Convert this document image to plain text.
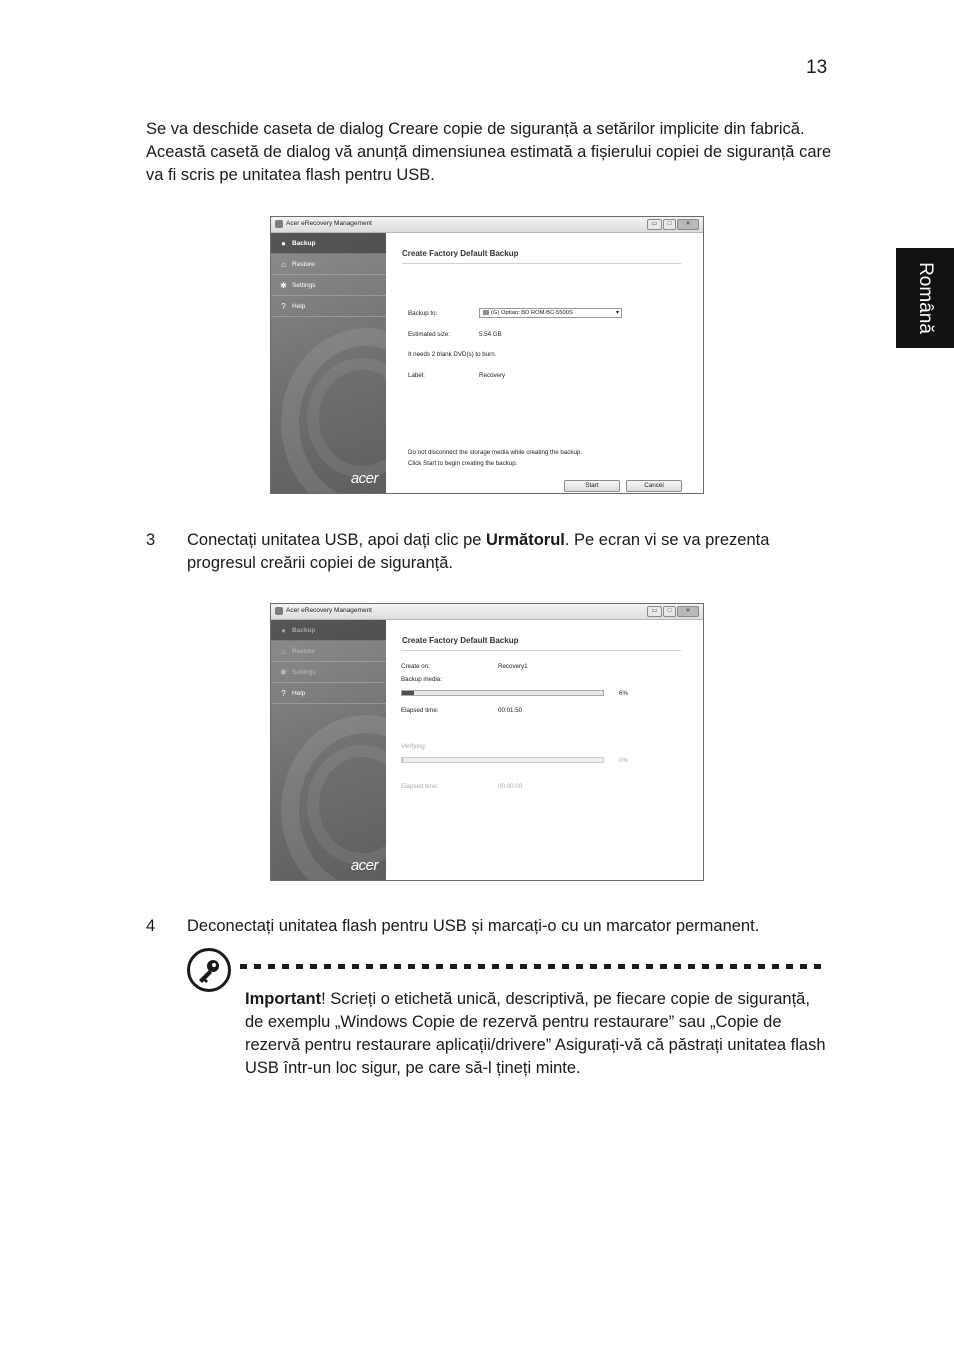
13
Română

Se va deschide caseta de dialog Creare copie de siguranță a setărilor implicite din fabrică. Această casetă de dialog vă anunță dimensiunea estimată a fișierului copiei de siguranță care va fi scris pe unitatea flash pentru USB.

Acer eRecovery Management	▭	□	✕
● Backup
⌂ Restore
✱ Settings
? Help
acer
Create Factory Default Backup
Backup to:	(G) Optiarc BD ROM BC-5500S	▾
Estimated size:	5.54 GB
It needs 2 blank DVD(s) to burn.
Label:	Recovery
Do not disconnect the storage media while creating the backup.
Click Start to begin creating the backup.
Start	Cancel
3 Conectați unitatea USB, apoi dați clic pe Următorul. Pe ecran vi se va prezenta progresul creării copiei de siguranță.

Acer eRecovery Management	▭	□	✕
● Backup
⌂ Restore
✱ Settings
? Help
acer
Create Factory Default Backup
Create on:	Recovery1
Backup media:
6%
Elapsed time:	00:01:50
Verifying:
0%
Elapsed time:	00:00:00
4 Deconectați unitatea flash pentru USB și marcați-o cu un marcator permanent.

Important! Scrieți o etichetă unică, descriptivă, pe fiecare copie de siguranță, de exemplu „Windows Copie de rezervă pentru restaurare” sau „Copie de rezervă pentru restaurare aplicații/drivere” Asigurați-vă că păstrați unitatea flash USB într-un loc sigur, pe care să-l țineți minte.
